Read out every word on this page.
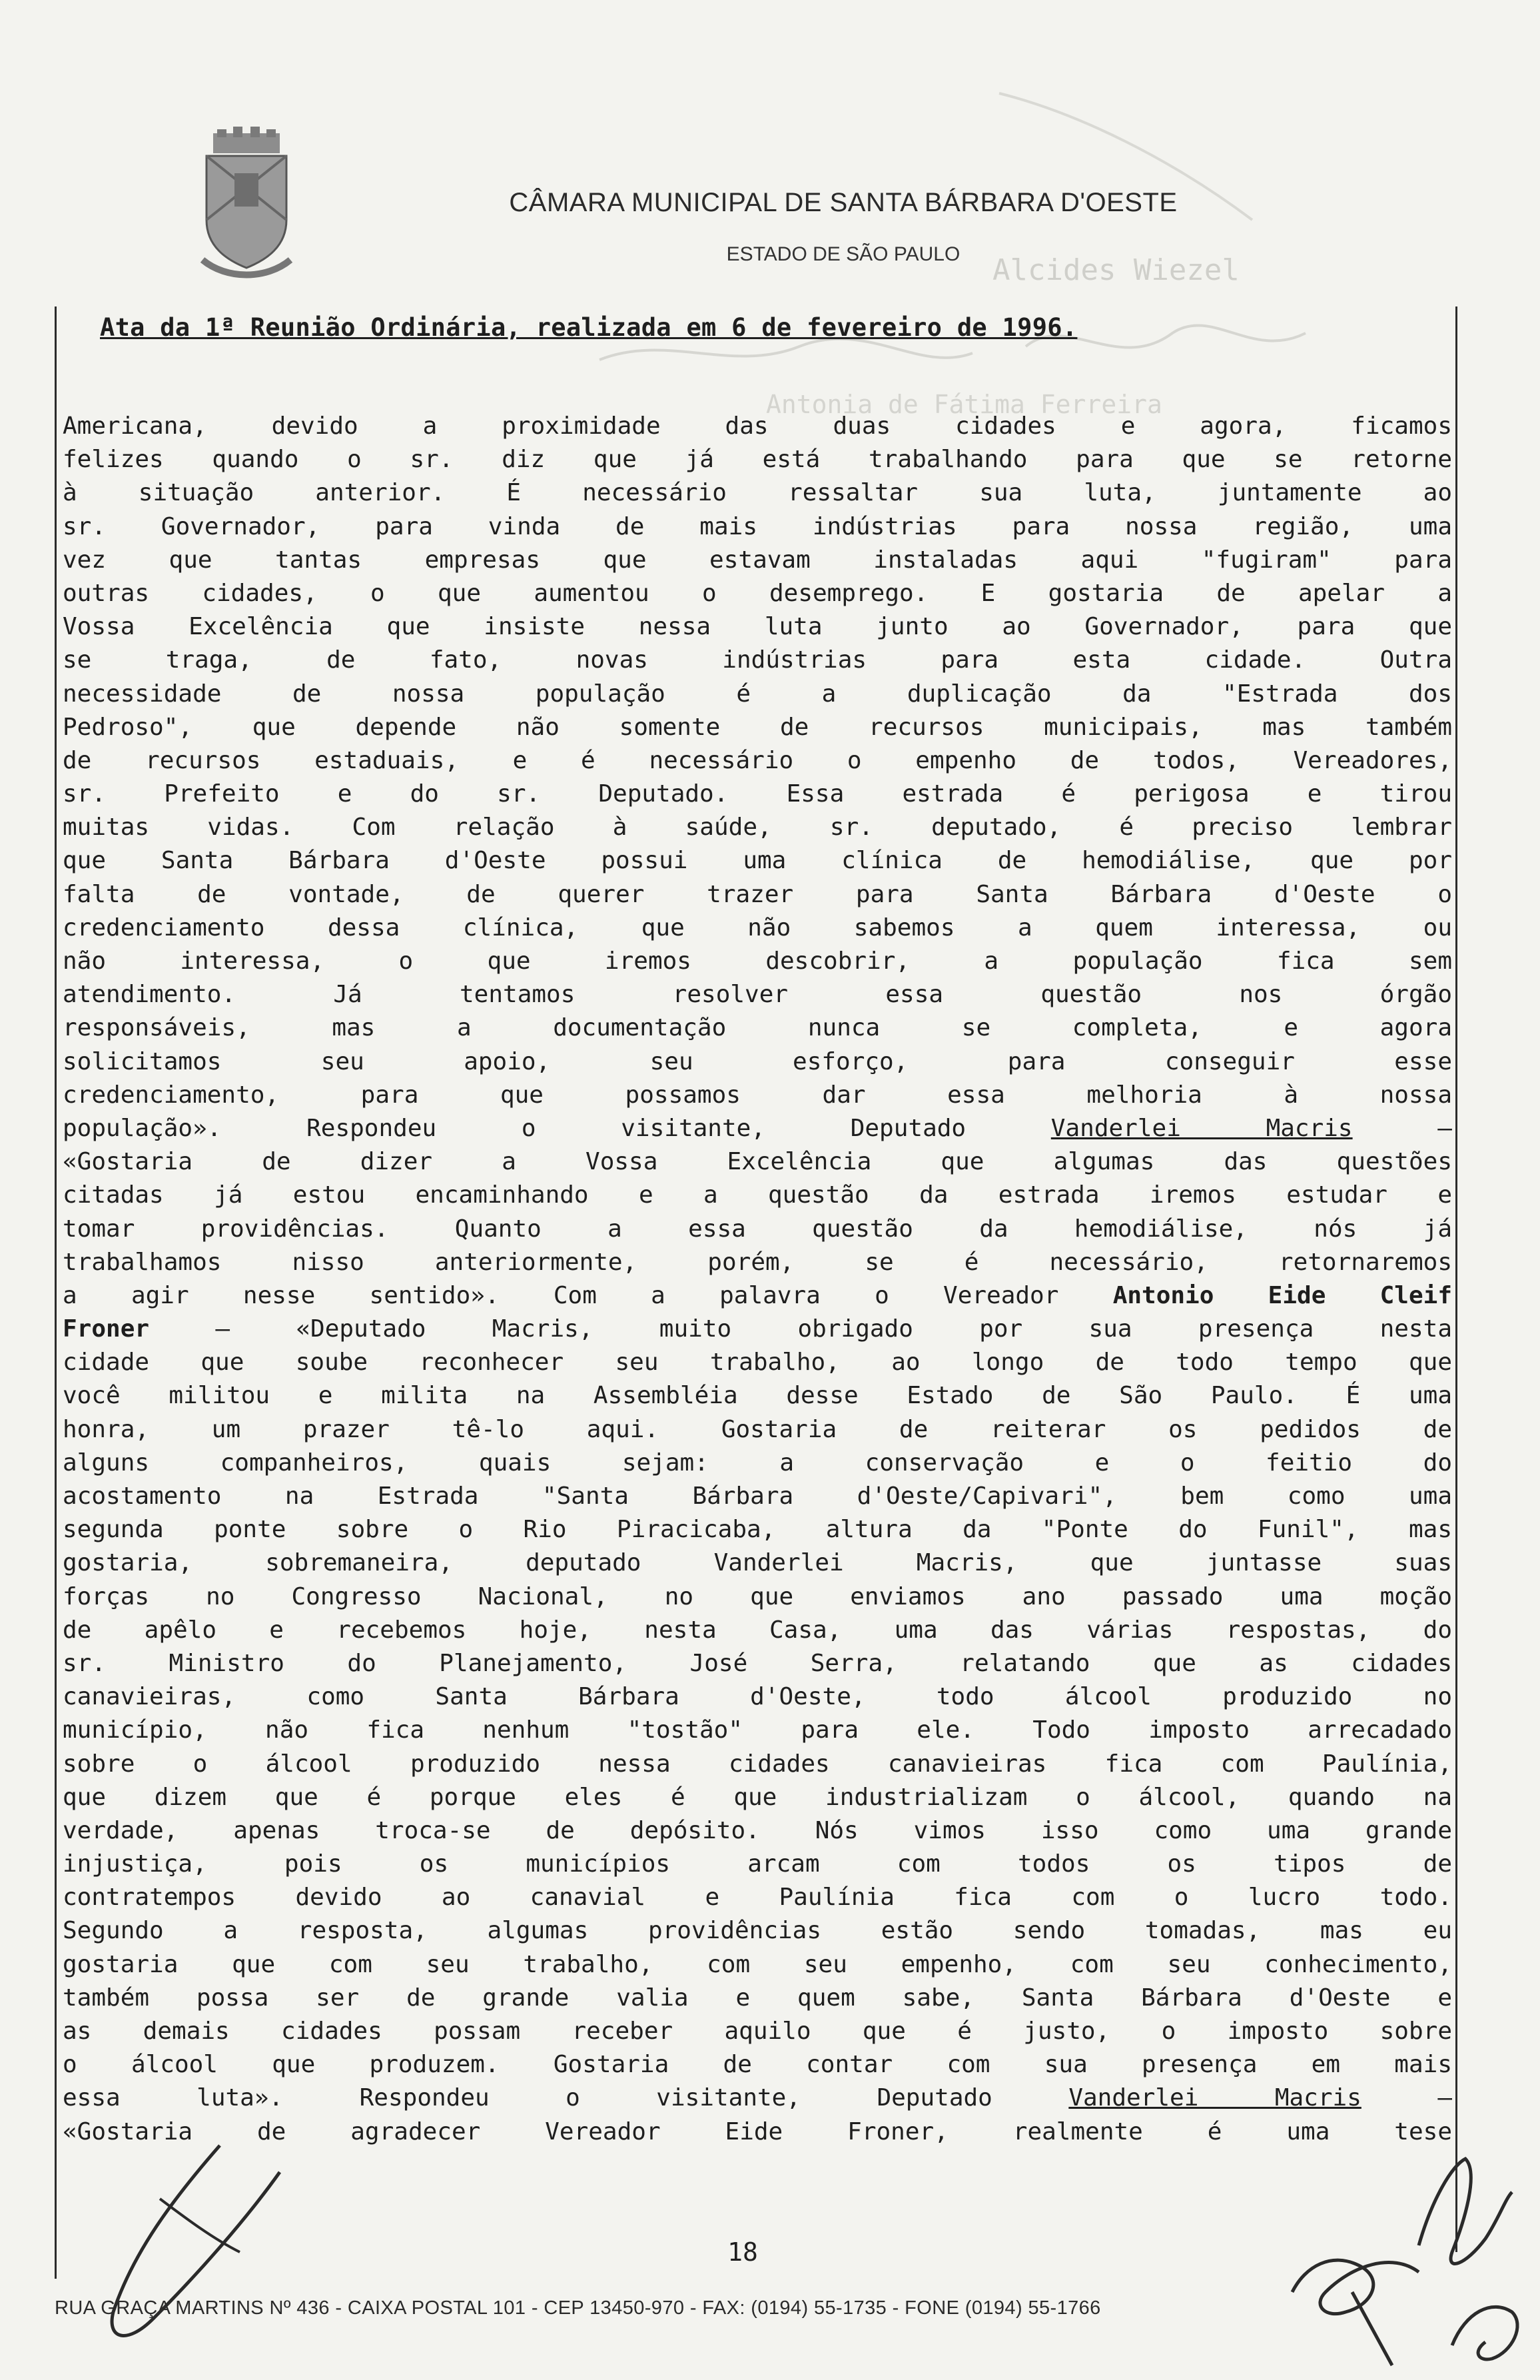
Alcides Wiezel
Antonia de Fátima Ferreira
CÂMARA MUNICIPAL DE SANTA BÁRBARA D'OESTE
ESTADO DE SÃO PAULO
Ata da 1ª Reunião Ordinária, realizada em 6 de fevereiro de 1996.
Americana, devido a proximidade das duas cidades e agora, ficamos
felizes quando o sr. diz que já está trabalhando para que se retorne
à situação anterior. É necessário ressaltar sua luta, juntamente ao
sr. Governador, para vinda de mais indústrias para nossa região, uma
vez que tantas empresas que estavam instaladas aqui "fugiram" para
outras cidades, o que aumentou o desemprego. E gostaria de apelar a
Vossa Excelência que insiste nessa luta junto ao Governador, para que
se traga, de fato, novas indústrias para esta cidade. Outra
necessidade de nossa população é a duplicação da "Estrada dos
Pedroso", que depende não somente de recursos municipais, mas também
de recursos estaduais, e é necessário o empenho de todos, Vereadores,
sr. Prefeito e do sr. Deputado. Essa estrada é perigosa e tirou
muitas vidas. Com relação à saúde, sr. deputado, é preciso lembrar
que Santa Bárbara d'Oeste possui uma clínica de hemodiálise, que por
falta de vontade, de querer trazer para Santa Bárbara d'Oeste o
credenciamento dessa clínica, que não sabemos a quem interessa, ou
não interessa, o que iremos descobrir, a população fica sem
atendimento. Já tentamos resolver essa questão nos órgão
responsáveis, mas a documentação nunca se completa, e agora
solicitamos seu apoio, seu esforço, para conseguir esse
credenciamento, para que possamos dar essa melhoria à nossa
população». Respondeu o visitante, Deputado Vanderlei Macris –
«Gostaria de dizer a Vossa Excelência que algumas das questões
citadas já estou encaminhando e a questão da estrada iremos estudar e
tomar providências. Quanto a essa questão da hemodiálise, nós já
trabalhamos nisso anteriormente, porém, se é necessário, retornaremos
a agir nesse sentido». Com a palavra o Vereador Antonio Eide Cleif
Froner – «Deputado Macris, muito obrigado por sua presença nesta
cidade que soube reconhecer seu trabalho, ao longo de todo tempo que
você militou e milita na Assembléia desse Estado de São Paulo. É uma
honra, um prazer tê-lo aqui. Gostaria de reiterar os pedidos de
alguns companheiros, quais sejam: a conservação e o feitio do
acostamento na Estrada "Santa Bárbara d'Oeste/Capivari", bem como uma
segunda ponte sobre o Rio Piracicaba, altura da "Ponte do Funil", mas
gostaria, sobremaneira, deputado Vanderlei Macris, que juntasse suas
forças no Congresso Nacional, no que enviamos ano passado uma moção
de apêlo e recebemos hoje, nesta Casa, uma das várias respostas, do
sr. Ministro do Planejamento, José Serra, relatando que as cidades
canavieiras, como Santa Bárbara d'Oeste, todo álcool produzido no
município, não fica nenhum "tostão" para ele. Todo imposto arrecadado
sobre o álcool produzido nessa cidades canavieiras fica com Paulínia,
que dizem que é porque eles é que industrializam o álcool, quando na
verdade, apenas troca-se de depósito. Nós vimos isso como uma grande
injustiça, pois os municípios arcam com todos os tipos de
contratempos devido ao canavial e Paulínia fica com o lucro todo.
Segundo a resposta, algumas providências estão sendo tomadas, mas eu
gostaria que com seu trabalho, com seu empenho, com seu conhecimento,
também possa ser de grande valia e quem sabe, Santa Bárbara d'Oeste e
as demais cidades possam receber aquilo que é justo, o imposto sobre
o álcool que produzem. Gostaria de contar com sua presença em mais
essa luta». Respondeu o visitante, Deputado Vanderlei Macris –
«Gostaria de agradecer Vereador Eide Froner, realmente é uma tese
18
RUA GRAÇA MARTINS Nº 436 - CAIXA POSTAL 101 - CEP 13450-970 - FAX: (0194) 55-1735 - FONE (0194) 55-1766
